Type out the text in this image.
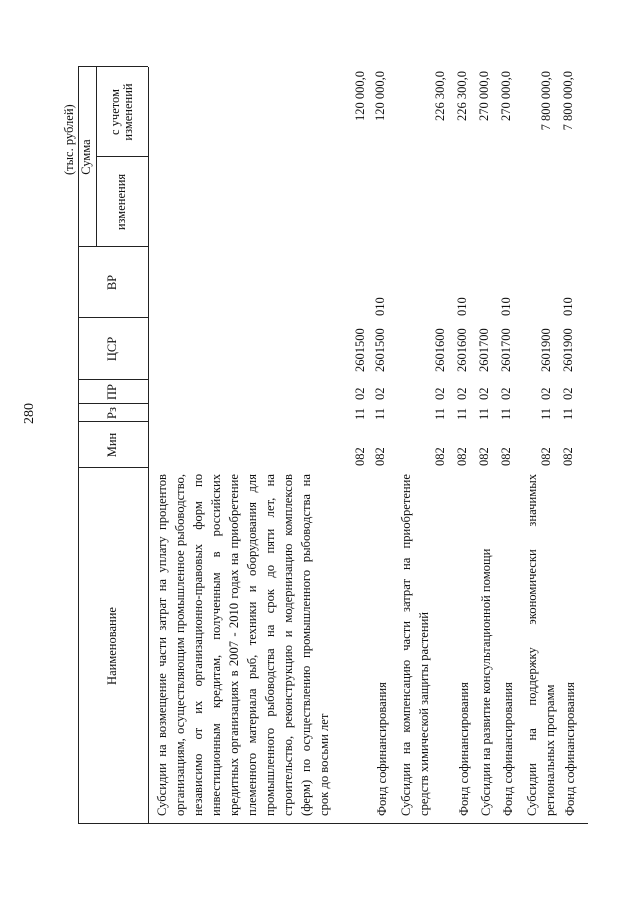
280
(тыс. рублей)
Наименование
Мин
Рз
ПР
ЦСР
ВР
Сумма
изменения
с учетом изменений
Субсидии на возмещение части затрат на уплату процентов организациям, осуществляющим промышленное рыбоводство, независимо от их организационно-правовых форм по инвестиционным кредитам, полученным в российских кредитных организациях в 2007 - 2010 годах на приобретение племенного материала рыб, техники и оборудования для промышленного рыбоводства на срок до пяти лет, на строительство, реконструкцию и модернизацию комплексов (ферм) по осуществлению промышленного рыбоводства на срок до восьми лет
082
11
02
2601500
120 000,0
Фонд софинансирования
082
11
02
2601500
010
120 000,0
Субсидии на компенсацию части затрат на приобретение средств химической защиты растений
082
11
02
2601600
226 300,0
Фонд софинансирования
082
11
02
2601600
010
226 300,0
Субсидии на развитие консультационной помощи
082
11
02
2601700
270 000,0
Фонд софинансирования
082
11
02
2601700
010
270 000,0
Субсидии на поддержку экономически значимых региональных программ
082
11
02
2601900
7 800 000,0
Фонд софинансирования
082
11
02
2601900
010
7 800 000,0
